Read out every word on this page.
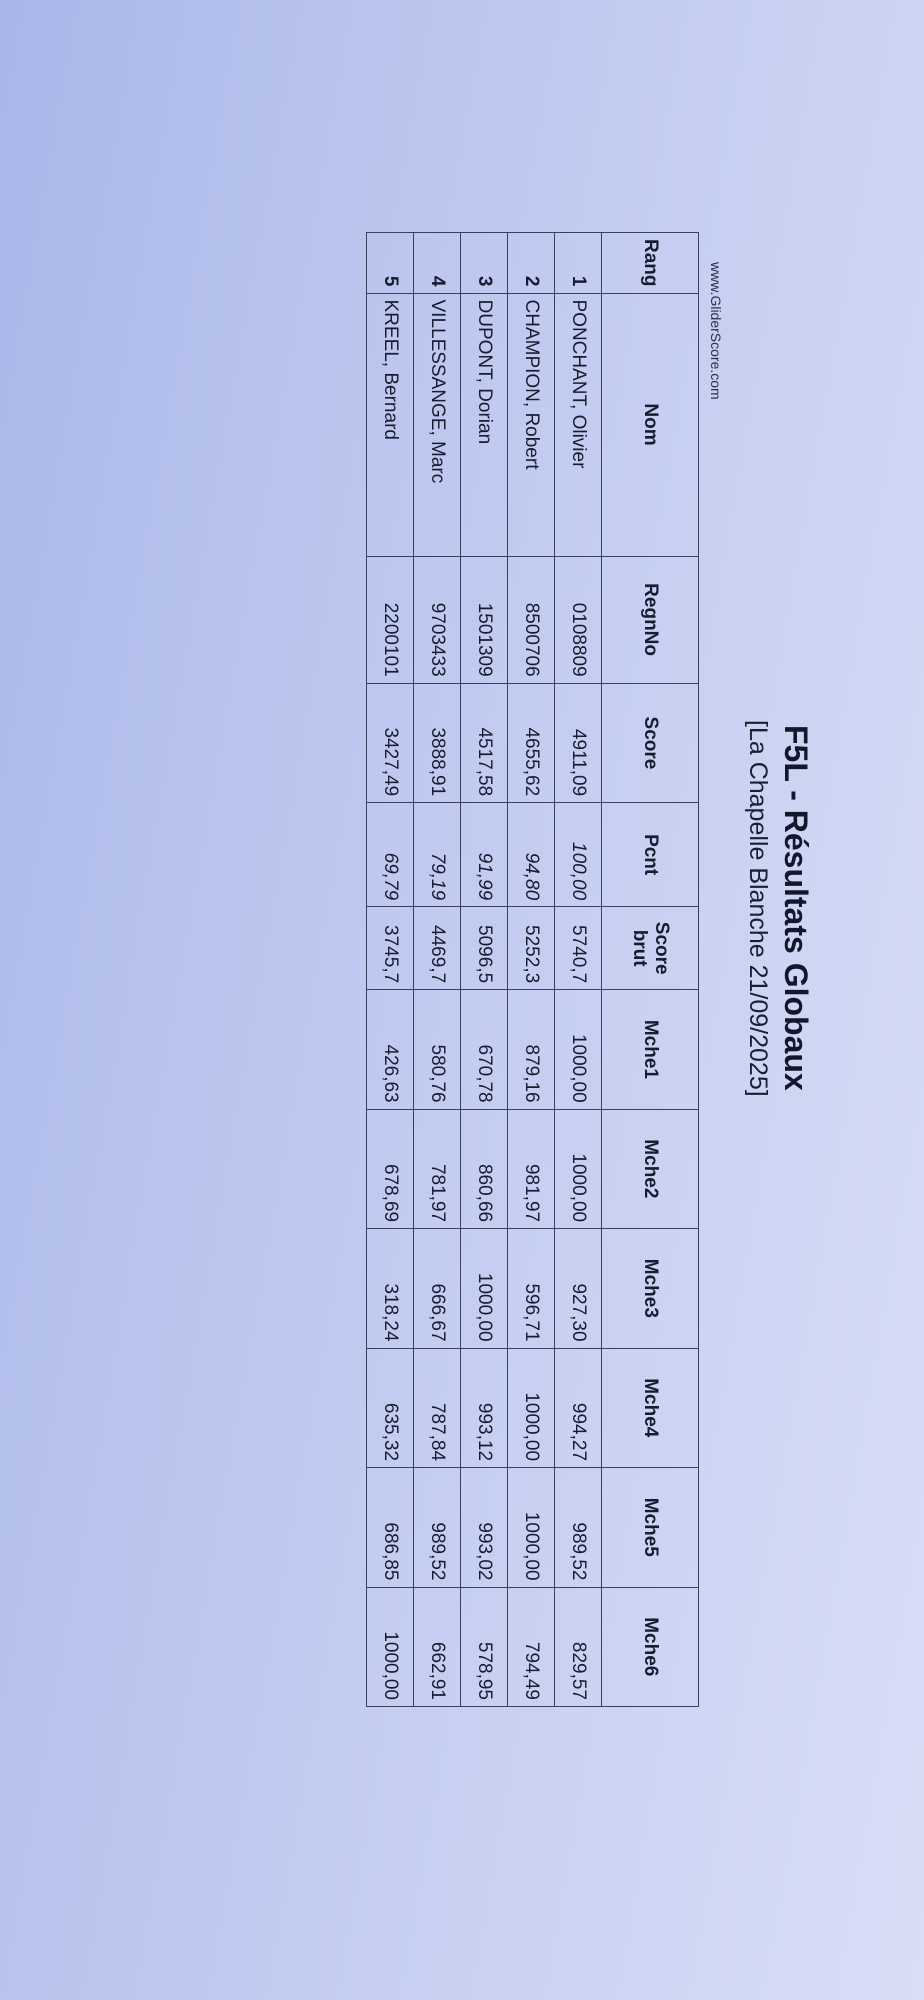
F5L - Résultats Globaux
[La Chapelle Blanche 21/09/2025]
www.GliderScore.com
Rang	Nom	RegnNo	Score	Pcnt	Score brut	Mche1	Mche2	Mche3	Mche4	Mche5	Mche6
1	PONCHANT, Olivier	0108809	4911,09	100,00	5740,7	1000,00	1000,00	927,30	994,27	989,52	829,57
2	CHAMPION, Robert	8500706	4655,62	94,80	5252,3	879,16	981,97	596,71	1000,00	1000,00	794,49
3	DUPONT, Dorian	1501309	4517,58	91,99	5096,5	670,78	860,66	1000,00	993,12	993,02	578,95
4	VILLESSANGE, Marc	9703433	3888,91	79,19	4469,7	580,76	781,97	666,67	787,84	989,52	662,91
5	KREEL, Bernard	2200101	3427,49	69,79	3745,7	426,63	678,69	318,24	635,32	686,85	1000,00
